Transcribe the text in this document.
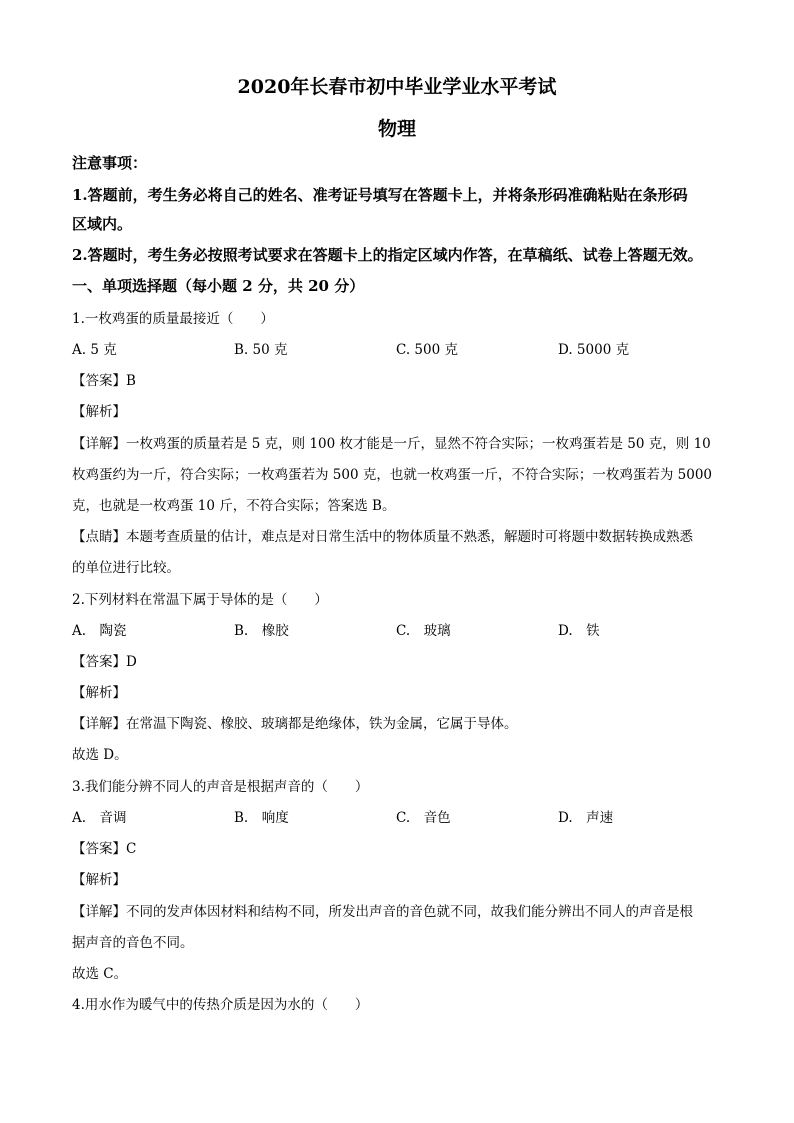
2020年长春市初中毕业学业水平考试
物理
注意事项：
1.答题前，考生务必将自己的姓名、准考证号填写在答题卡上，并将条形码准确粘贴在条形码
区域内。
2.答题时，考生务必按照考试要求在答题卡上的指定区域内作答，在草稿纸、试卷上答题无效。
一、单项选择题（每小题 2 分，共 20 分）
1.一枚鸡蛋的质量最接近（　　）
A. 5 克	B. 50 克	C. 500 克	D. 5000 克
【答案】B
【解析】
【详解】一枚鸡蛋的质量若是 5 克，则 100 枚才能是一斤，显然不符合实际；一枚鸡蛋若是 50 克，则 10
枚鸡蛋约为一斤，符合实际；一枚鸡蛋若为 500 克，也就一枚鸡蛋一斤，不符合实际；一枚鸡蛋若为 5000
克，也就是一枚鸡蛋 10 斤，不符合实际；答案选 B。
【点睛】本题考查质量的估计，难点是对日常生活中的物体质量不熟悉，解题时可将题中数据转换成熟悉
的单位进行比较。
2.下列材料在常温下属于导体的是（　　）
A.　陶瓷	B.　橡胶	C.　玻璃	D.　铁
【答案】D
【解析】
【详解】在常温下陶瓷、橡胶、玻璃都是绝缘体，铁为金属，它属于导体。
故选 D。
3.我们能分辨不同人的声音是根据声音的（　　）
A.　音调	B.　响度	C.　音色	D.　声速
【答案】C
【解析】
【详解】不同的发声体因材料和结构不同，所发出声音的音色就不同，故我们能分辨出不同人的声音是根
据声音的音色不同。
故选 C。
4.用水作为暖气中的传热介质是因为水的（　　）
